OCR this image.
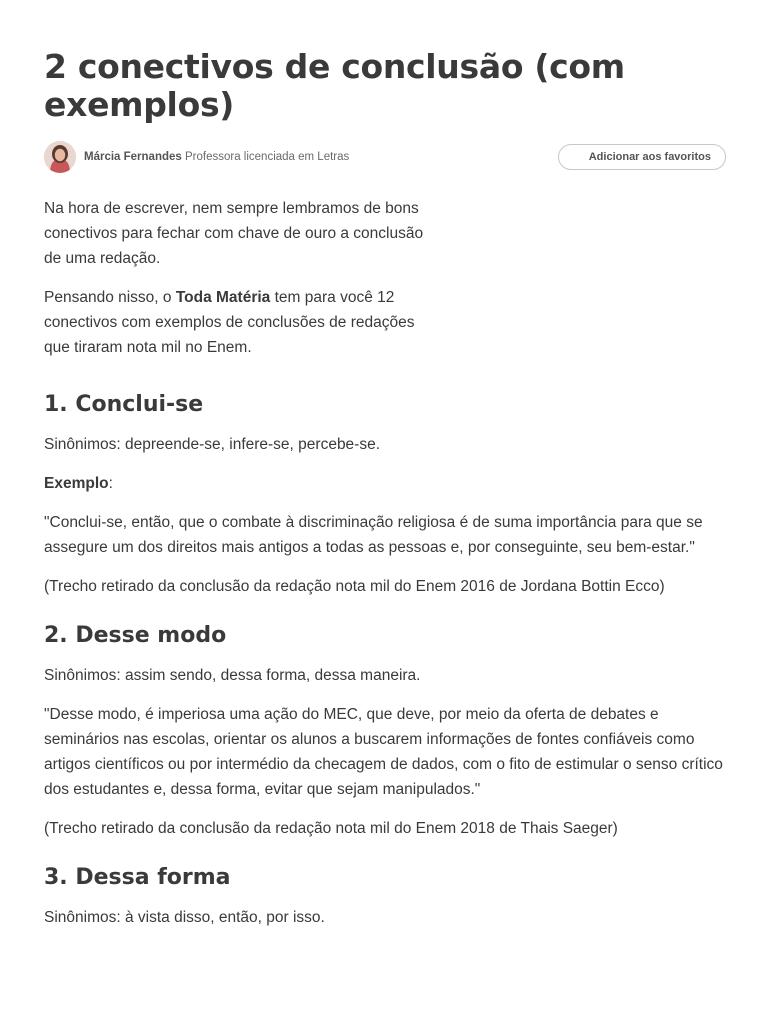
2 conectivos de conclusão (com exemplos)
Márcia Fernandes Professora licenciada em Letras	Adicionar aos favoritos

Na hora de escrever, nem sempre lembramos de bons conectivos para fechar com chave de ouro a conclusão de uma redação.

Pensando nisso, o Toda Matéria tem para você 12 conectivos com exemplos de conclusões de redações que tiraram nota mil no Enem.

1. Conclui-se

Sinônimos: depreende-se, infere-se, percebe-se.

Exemplo:

"Conclui-se, então, que o combate à discriminação religiosa é de suma importância para que se assegure um dos direitos mais antigos a todas as pessoas e, por conseguinte, seu bem-estar."

(Trecho retirado da conclusão da redação nota mil do Enem 2016 de Jordana Bottin Ecco)

2. Desse modo

Sinônimos: assim sendo, dessa forma, dessa maneira.

"Desse modo, é imperiosa uma ação do MEC, que deve, por meio da oferta de debates e seminários nas escolas, orientar os alunos a buscarem informações de fontes confiáveis como artigos científicos ou por intermédio da checagem de dados, com o fito de estimular o senso crítico dos estudantes e, dessa forma, evitar que sejam manipulados."

(Trecho retirado da conclusão da redação nota mil do Enem 2018 de Thais Saeger)

3. Dessa forma

Sinônimos: à vista disso, então, por isso.
